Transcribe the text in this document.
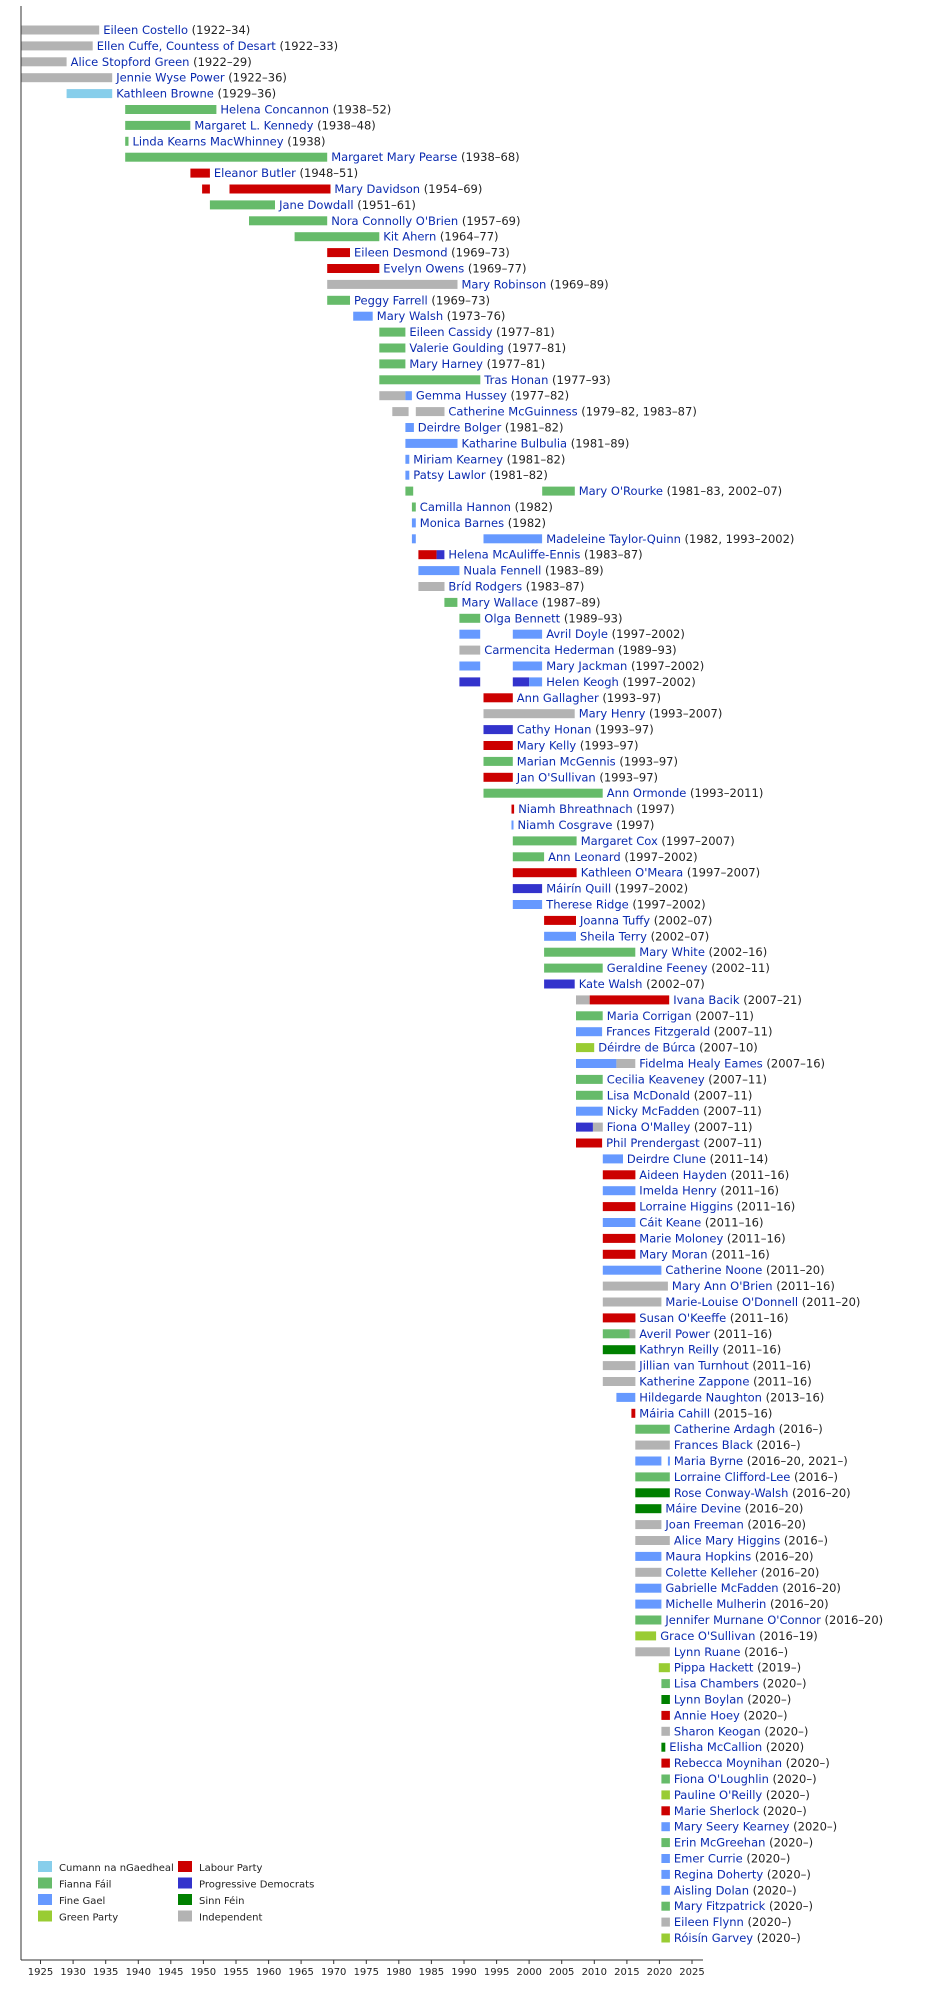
Eileen Costello (1922–34)
Ellen Cuffe, Countess of Desart (1922–33)
Alice Stopford Green (1922–29)
Jennie Wyse Power (1922–36)
Kathleen Browne (1929–36)
Helena Concannon (1938–52)
Margaret L. Kennedy (1938–48)
Linda Kearns MacWhinney (1938)
Margaret Mary Pearse (1938–68)
Eleanor Butler (1948–51)
Mary Davidson (1954–69)
Jane Dowdall (1951–61)
Nora Connolly O'Brien (1957–69)
Kit Ahern (1964–77)
Eileen Desmond (1969–73)
Evelyn Owens (1969–77)
Mary Robinson (1969–89)
Peggy Farrell (1969–73)
Mary Walsh (1973–76)
Eileen Cassidy (1977–81)
Valerie Goulding (1977–81)
Mary Harney (1977–81)
Tras Honan (1977–93)
Gemma Hussey (1977–82)
Catherine McGuinness (1979–82, 1983–87)
Deirdre Bolger (1981–82)
Katharine Bulbulia (1981–89)
Miriam Kearney (1981–82)
Patsy Lawlor (1981–82)
Mary O'Rourke (1981–83, 2002–07)
Camilla Hannon (1982)
Monica Barnes (1982)
Madeleine Taylor-Quinn (1982, 1993–2002)
Helena McAuliffe-Ennis (1983–87)
Nuala Fennell (1983–89)
Bríd Rodgers (1983–87)
Mary Wallace (1987–89)
Olga Bennett (1989–93)
Avril Doyle (1997–2002)
Carmencita Hederman (1989–93)
Mary Jackman (1997–2002)
Helen Keogh (1997–2002)
Ann Gallagher (1993–97)
Mary Henry (1993–2007)
Cathy Honan (1993–97)
Mary Kelly (1993–97)
Marian McGennis (1993–97)
Jan O'Sullivan (1993–97)
Ann Ormonde (1993–2011)
Niamh Bhreathnach (1997)
Niamh Cosgrave (1997)
Margaret Cox (1997–2007)
Ann Leonard (1997–2002)
Kathleen O'Meara (1997–2007)
Máirín Quill (1997–2002)
Therese Ridge (1997–2002)
Joanna Tuffy (2002–07)
Sheila Terry (2002–07)
Mary White (2002–16)
Geraldine Feeney (2002–11)
Kate Walsh (2002–07)
Ivana Bacik (2007–21)
Maria Corrigan (2007–11)
Frances Fitzgerald (2007–11)
Déirdre de Búrca (2007–10)
Fidelma Healy Eames (2007–16)
Cecilia Keaveney (2007–11)
Lisa McDonald (2007–11)
Nicky McFadden (2007–11)
Fiona O'Malley (2007–11)
Phil Prendergast (2007–11)
Deirdre Clune (2011–14)
Aideen Hayden (2011–16)
Imelda Henry (2011–16)
Lorraine Higgins (2011–16)
Cáit Keane (2011–16)
Marie Moloney (2011–16)
Mary Moran (2011–16)
Catherine Noone (2011–20)
Mary Ann O'Brien (2011–16)
Marie-Louise O'Donnell (2011–20)
Susan O'Keeffe (2011–16)
Averil Power (2011–16)
Kathryn Reilly (2011–16)
Jillian van Turnhout (2011–16)
Katherine Zappone (2011–16)
Hildegarde Naughton (2013–16)
Máiria Cahill (2015–16)
Catherine Ardagh (2016–)
Frances Black (2016–)
Maria Byrne (2016–20, 2021–)
Lorraine Clifford-Lee (2016–)
Rose Conway-Walsh (2016–20)
Máire Devine (2016–20)
Joan Freeman (2016–20)
Alice Mary Higgins (2016–)
Maura Hopkins (2016–20)
Colette Kelleher (2016–20)
Gabrielle McFadden (2016–20)
Michelle Mulherin (2016–20)
Jennifer Murnane O'Connor (2016–20)
Grace O'Sullivan (2016–19)
Lynn Ruane (2016–)
Pippa Hackett (2019–)
Lisa Chambers (2020–)
Lynn Boylan (2020–)
Annie Hoey (2020–)
Sharon Keogan (2020–)
Elisha McCallion (2020)
Rebecca Moynihan (2020–)
Fiona O'Loughlin (2020–)
Pauline O'Reilly (2020–)
Marie Sherlock (2020–)
Mary Seery Kearney (2020–)
Erin McGreehan (2020–)
Emer Currie (2020–)
Regina Doherty (2020–)
Aisling Dolan (2020–)
Mary Fitzpatrick (2020–)
Eileen Flynn (2020–)
Róisín Garvey (2020–)
1925 1930 1935 1940 1945 1950 1955 1960 1965 1970 1975 1980 1985 1990 1995 2000 2005 2010 2015 2020 2025
Cumann na nGaedheal
Fianna Fáil
Fine Gael
Green Party
Labour Party
Progressive Democrats
Sinn Féin
Independent
